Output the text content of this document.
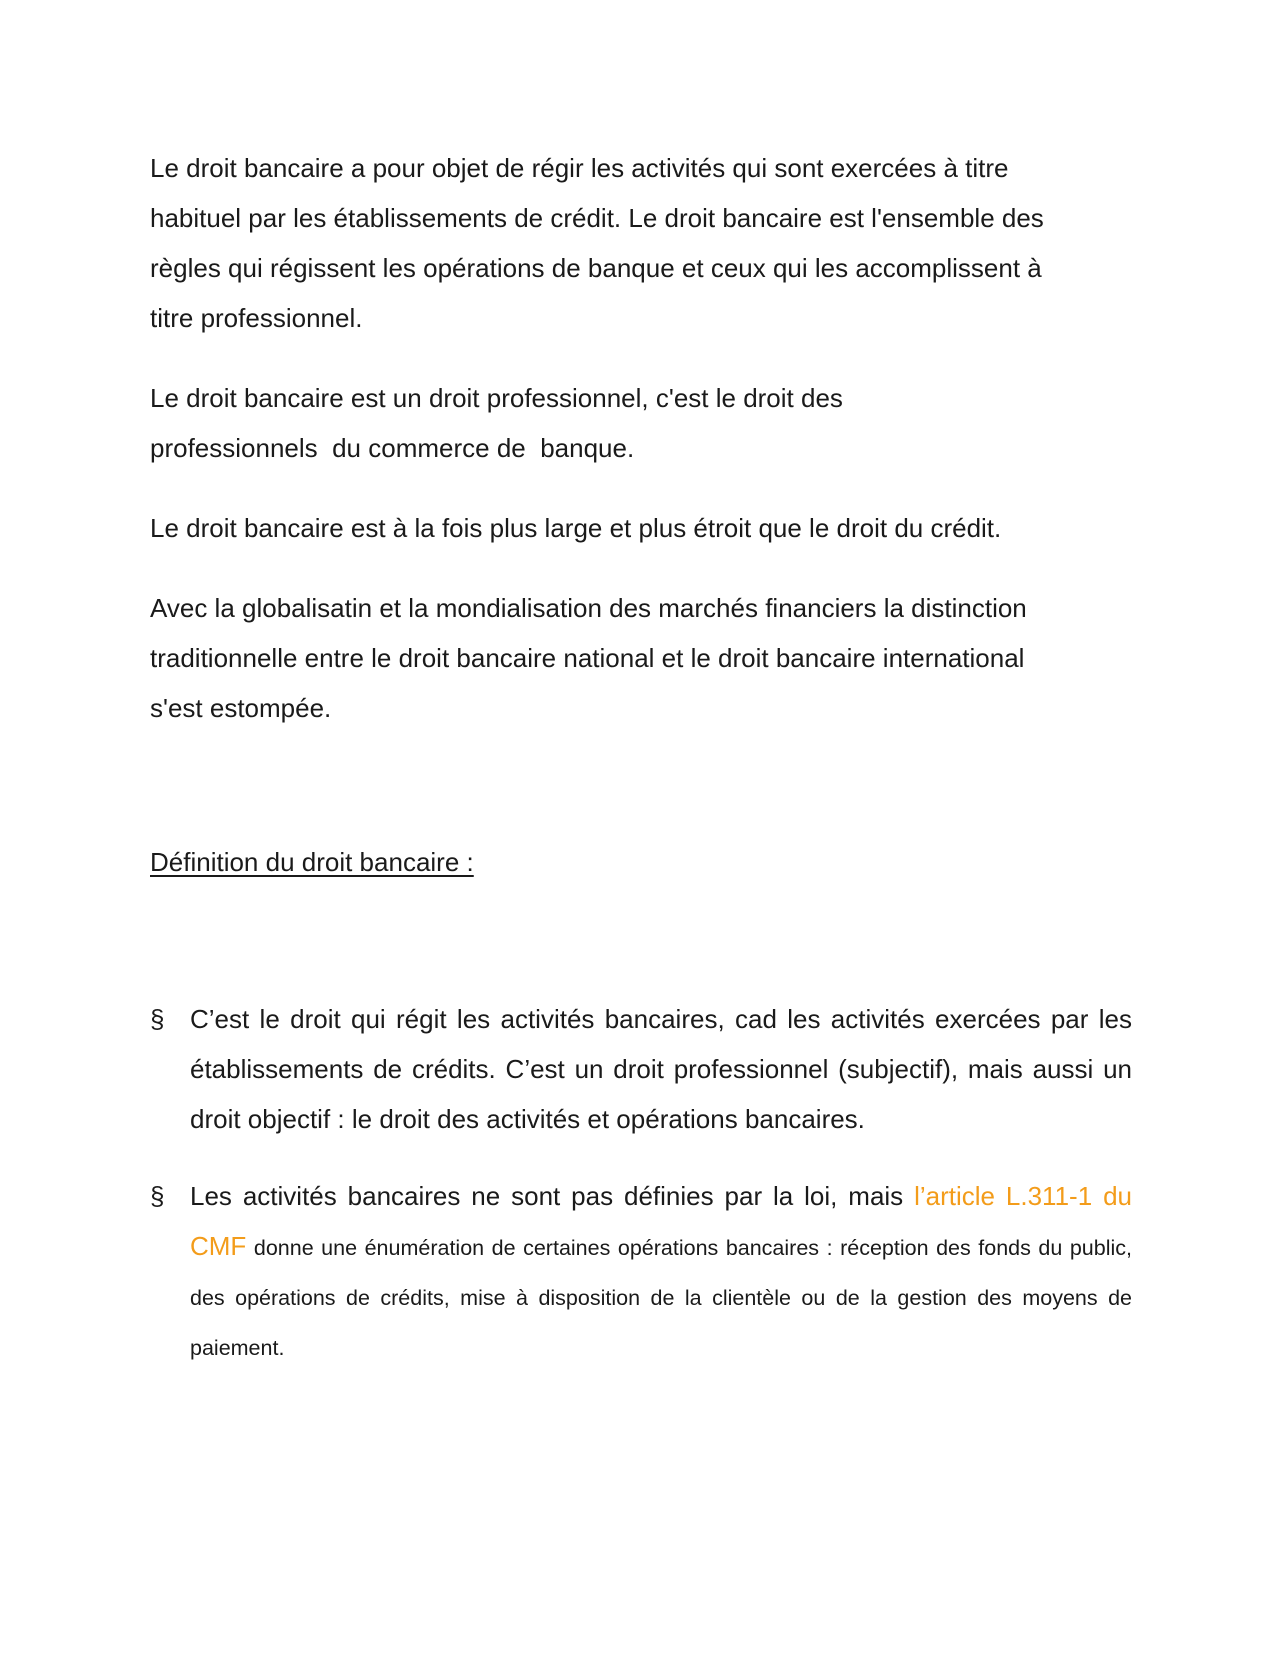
Le droit bancaire a pour objet de régir les activités qui sont exercées à titre habituel par les établissements de crédit. Le droit bancaire est l'ensemble des règles qui régissent les opérations de banque et ceux qui les accomplissent à titre professionnel.

Le droit bancaire est un droit professionnel, c'est le droit des professionnels  du commerce de  banque.

Le droit bancaire est à la fois plus large et plus étroit que le droit du crédit.

Avec la globalisatin et la mondialisation des marchés financiers la distinction traditionnelle entre le droit bancaire national et le droit bancaire international s'est estompée.

Définition du droit bancaire :
§ C’est le droit qui régit les activités bancaires, cad les activités exercées par les établissements de crédits. C’est un droit professionnel (subjectif), mais aussi un droit objectif : le droit des activités et opérations bancaires.
§ Les activités bancaires ne sont pas définies par la loi, mais l’article L.311-1 du CMF donne une énumération de certaines opérations bancaires : réception des fonds du public, des opérations de crédits, mise à disposition de la clientèle ou de la gestion des moyens de paiement.
